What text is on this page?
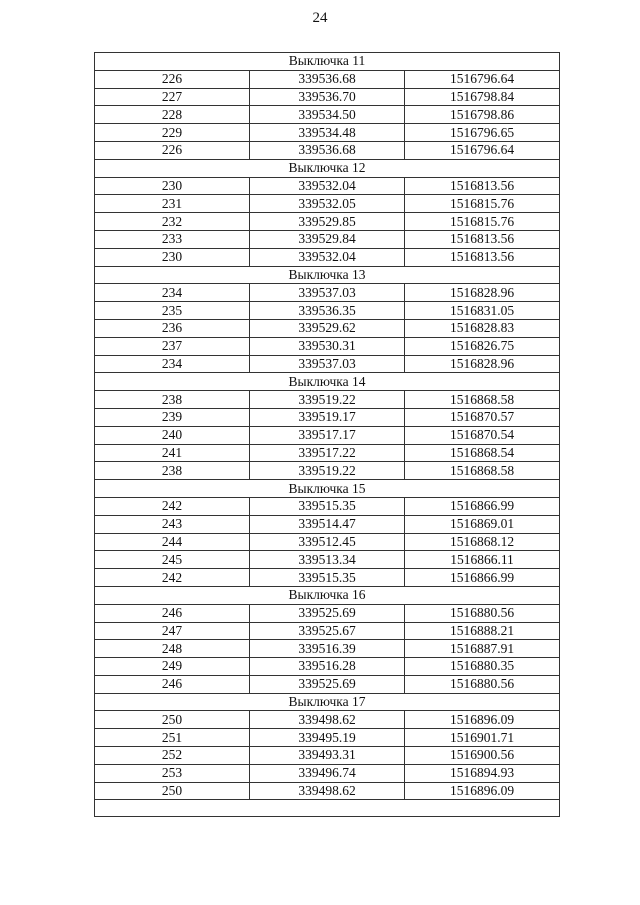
24
Выключка 11		
226	339536.68	1516796.64
227	339536.70	1516798.84
228	339534.50	1516798.86
229	339534.48	1516796.65
226	339536.68	1516796.64
Выключка 12		
230	339532.04	1516813.56
231	339532.05	1516815.76
232	339529.85	1516815.76
233	339529.84	1516813.56
230	339532.04	1516813.56
Выключка 13		
234	339537.03	1516828.96
235	339536.35	1516831.05
236	339529.62	1516828.83
237	339530.31	1516826.75
234	339537.03	1516828.96
Выключка 14		
238	339519.22	1516868.58
239	339519.17	1516870.57
240	339517.17	1516870.54
241	339517.22	1516868.54
238	339519.22	1516868.58
Выключка 15		
242	339515.35	1516866.99
243	339514.47	1516869.01
244	339512.45	1516868.12
245	339513.34	1516866.11
242	339515.35	1516866.99
Выключка 16		
246	339525.69	1516880.56
247	339525.67	1516888.21
248	339516.39	1516887.91
249	339516.28	1516880.35
246	339525.69	1516880.56
Выключка 17		
250	339498.62	1516896.09
251	339495.19	1516901.71
252	339493.31	1516900.56
253	339496.74	1516894.93
250	339498.62	1516896.09
